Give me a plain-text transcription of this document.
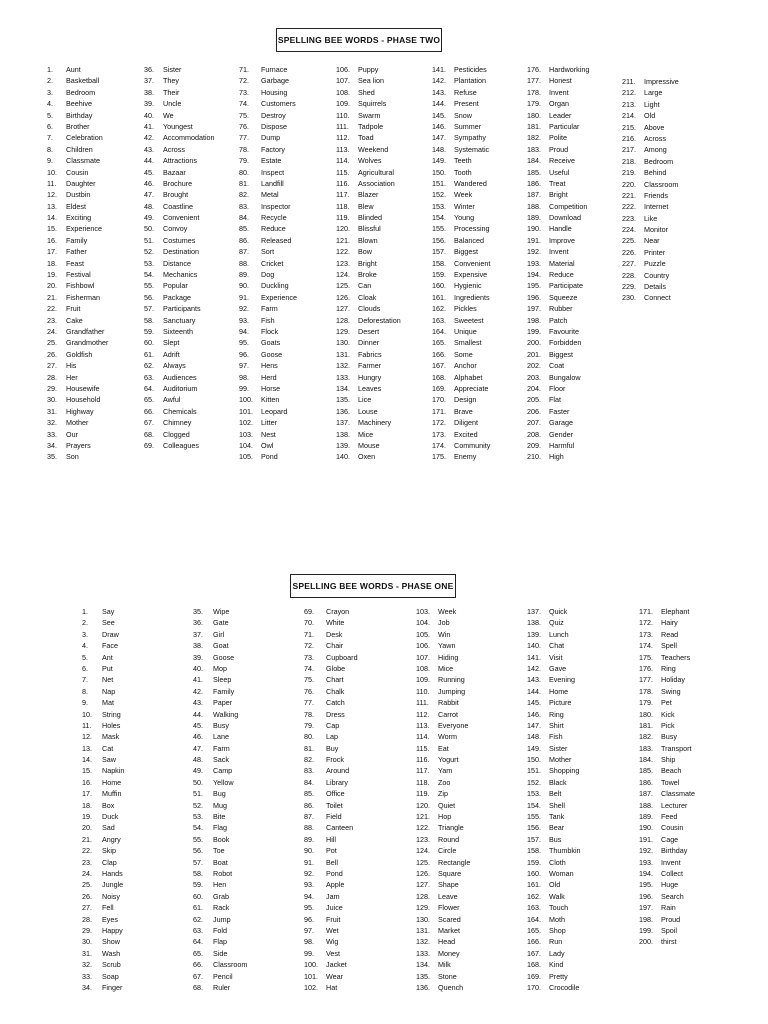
SPELLING BEE WORDS - PHASE TWO
1. Aunt
2. Basketball
3. Bedroom
4. Beehive
5. Birthday
6. Brother
7. Celebration
8. Children
9. Classmate
10. Cousin
11. Daughter
12. Dustbin
13. Eldest
14. Exciting
15. Experience
16. Family
17. Father
18. Feast
19. Festival
20. Fishbowl
21. Fisherman
22. Fruit
23. Cake
24. Grandfather
25. Grandmother
26. Goldfish
27. His
28. Her
29. Housewife
30. Household
31. Highway
32. Mother
33. Our
34. Prayers
35. Son
36. Sister
37. They
38. Their
39. Uncle
40. We
41. Youngest
42. Accommodation
43. Across
44. Attractions
45. Bazaar
46. Brochure
47. Brought
48. Coastline
49. Convenient
50. Convoy
51. Costumes
52. Destination
53. Distance
54. Mechanics
55. Popular
56. Package
57. Participants
58. Sanctuary
59. Sixteenth
60. Slept
61. Adrift
62. Always
63. Audiences
64. Auditorium
65. Awful
66. Chemicals
67. Chimney
68. Clogged
69. Colleagues
71. Furnace
72. Garbage
73. Housing
74. Customers
75. Destroy
76. Dispose
77. Dump
78. Factory
79. Estate
80. Inspect
81. Landfill
82. Metal
83. Inspector
84. Recycle
85. Reduce
86. Released
87. Sort
88. Cricket
89. Dog
90. Duckling
91. Experience
92. Farm
93. Fish
94. Flock
95. Goats
96. Goose
97. Hens
98. Herd
99. Horse
100. Kitten
101. Leopard
102. Litter
103. Nest
104. Owl
105. Pond
106. Puppy
107. Sea lion
108. Shed
109. Squirrels
110. Swarm
111. Tadpole
112. Toad
113. Weekend
114. Wolves
115. Agricultural
116. Association
117. Blazer
118. Blew
119. Blinded
120. Blissful
121. Blown
122. Bow
123. Bright
124. Broke
125. Can
126. Cloak
127. Clouds
128. Deforestation
129. Desert
130. Dinner
131. Fabrics
132. Farmer
133. Hungry
134. Leaves
135. Lice
136. Louse
137. Machinery
138. Mice
139. Mouse
140. Oxen
141. Pesticides
142. Plantation
143. Refuse
144. Present
145. Snow
146. Summer
147. Sympathy
148. Systematic
149. Teeth
150. Tooth
151. Wandered
152. Week
153. Winter
154. Young
155. Processing
156. Balanced
157. Biggest
158. Convenient
159. Expensive
160. Hygienic
161. Ingredients
162. Pickles
163. Sweetest
164. Unique
165. Smallest
166. Some
167. Anchor
168. Alphabet
169. Appreciate
170. Design
171. Brave
172. Diligent
173. Excited
174. Community
175. Enemy
176. Hardworking
177. Honest
178. Invent
179. Organ
180. Leader
181. Particular
182. Polite
183. Proud
184. Receive
185. Useful
186. Treat
187. Bright
188. Competition
189. Download
190. Handle
191. Improve
192. Invent
193. Material
194. Reduce
195. Participate
196. Squeeze
197. Rubber
198. Patch
199. Favourite
200. Forbidden
201. Biggest
202. Coat
203. Bungalow
204. Floor
205. Flat
206. Faster
207. Garage
208. Gender
209. Harmful
210. High
211. Impressive
212. Large
213. Light
214. Old
215. Above
216. Across
217. Among
218. Bedroom
219. Behind
220. Classroom
221. Friends
222. Internet
223. Like
224. Monitor
225. Near
226. Printer
227. Puzzle
228. Country
229. Details
230. Connect
SPELLING BEE WORDS - PHASE ONE
1. Say
2. See
3. Draw
4. Face
5. Ant
6. Put
7. Net
8. Nap
9. Mat
10. String
11. Holes
12. Mask
13. Cat
14. Saw
15. Napkin
16. Home
17. Muffin
18. Box
19. Duck
20. Sad
21. Angry
22. Skip
23. Clap
24. Hands
25. Jungle
26. Noisy
27. Fell
28. Eyes
29. Happy
30. Show
31. Wash
32. Scrub
33. Soap
34. Finger
35. Wipe
36. Gate
37. Girl
38. Goat
39. Goose
40. Mop
41. Sleep
42. Family
43. Paper
44. Walking
45. Busy
46. Lane
47. Farm
48. Sack
49. Camp
50. Yellow
51. Bug
52. Mug
53. Bite
54. Flag
55. Book
56. Toe
57. Boat
58. Robot
59. Hen
60. Grab
61. Rack
62. Jump
63. Fold
64. Flap
65. Side
66. Classroom
67. Pencil
68. Ruler
69. Crayon
70. White
71. Desk
72. Chair
73. Cupboard
74. Globe
75. Chart
76. Chalk
77. Catch
78. Dress
79. Cap
80. Lap
81. Buy
82. Frock
83. Around
84. Library
85. Office
86. Toilet
87. Field
88. Canteen
89. Hill
90. Pot
91. Bell
92. Pond
93. Apple
94. Jam
95. Juice
96. Fruit
97. Wet
98. Wig
99. Vest
100. Jacket
101. Wear
102. Hat
103. Week
104. Job
105. Win
106. Yawn
107. Hiding
108. Mice
109. Running
110. Jumping
111. Rabbit
112. Carrot
113. Everyone
114. Worm
115. Eat
116. Yogurt
117. Yam
118. Zoo
119. Zip
120. Quiet
121. Hop
122. Triangle
123. Round
124. Circle
125. Rectangle
126. Square
127. Shape
128. Leave
129. Flower
130. Scared
131. Market
132. Head
133. Money
134. Milk
135. Stone
136. Quench
137. Quick
138. Quiz
139. Lunch
140. Chat
141. Visit
142. Gave
143. Evening
144. Home
145. Picture
146. Ring
147. Shirt
148. Fish
149. Sister
150. Mother
151. Shopping
152. Black
153. Belt
154. Shell
155. Tank
156. Bear
157. Bus
158. Thumbkin
159. Cloth
160. Woman
161. Old
162. Walk
163. Touch
164. Moth
165. Shop
166. Run
167. Lady
168. Kind
169. Pretty
170. Crocodile
171. Elephant
172. Hairy
173. Read
174. Spell
175. Teachers
176. Ring
177. Holiday
178. Swing
179. Pet
180. Kick
181. Pick
182. Busy
183. Transport
184. Ship
185. Beach
186. Towel
187. Classmate
188. Lecturer
189. Feed
190. Cousin
191. Cage
192. Birthday
193. Invent
194. Collect
195. Huge
196. Search
197. Rain
198. Proud
199. Spoil
200. thirst
